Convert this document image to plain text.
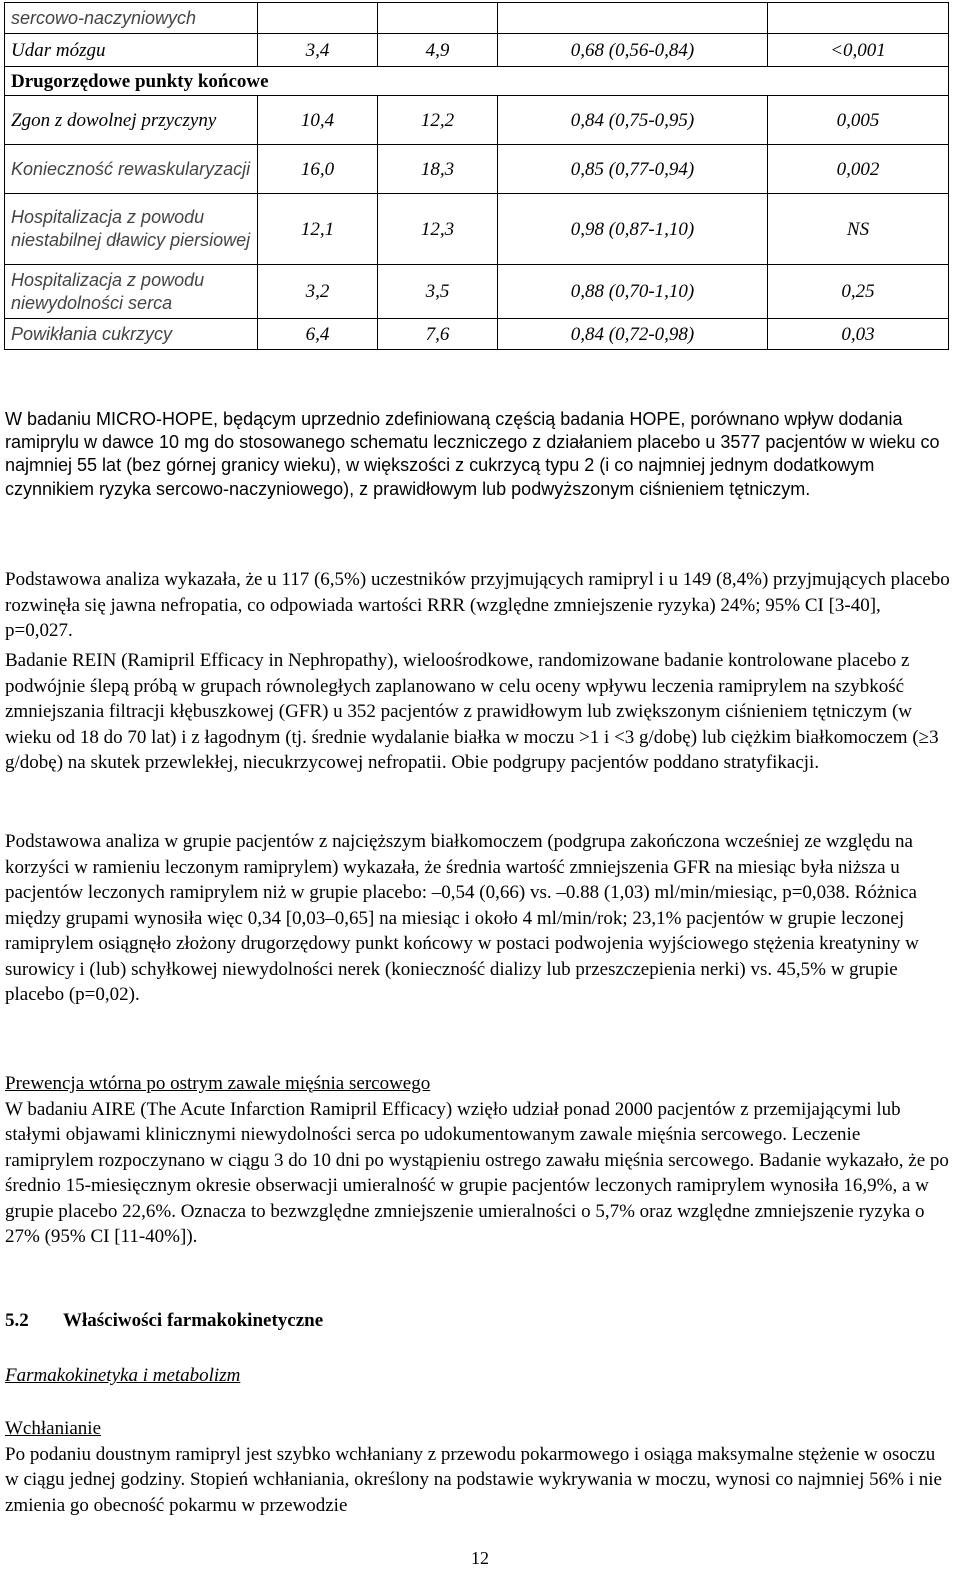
sercowo-naczyniowych				
Udar mózgu	3,4	4,9	0,68 (0,56-0,84)	<0,001
Drugorzędowe punkty końcowe				
Zgon z dowolnej przyczyny	10,4	12,2	0,84 (0,75-0,95)	0,005
Konieczność rewaskularyzacji	16,0	18,3	0,85 (0,77-0,94)	0,002
Hospitalizacja z powodu niestabilnej dławicy piersiowej	12,1	12,3	0,98 (0,87-1,10)	NS
Hospitalizacja z powodu niewydolności serca	3,2	3,5	0,88 (0,70-1,10)	0,25
Powikłania cukrzycy	6,4	7,6	0,84 (0,72-0,98)	0,03

W badaniu MICRO-HOPE, będącym uprzednio zdefiniowaną częścią badania HOPE, porównano wpływ dodania ramiprylu w dawce 10 mg do stosowanego schematu leczniczego z działaniem placebo u 3577 pacjentów w wieku co najmniej 55 lat (bez górnej granicy wieku), w większości z cukrzycą typu 2 (i co najmniej jednym dodatkowym czynnikiem ryzyka sercowo-naczyniowego), z prawidłowym lub podwyższonym ciśnieniem tętniczym.

Podstawowa analiza wykazała, że u 117 (6,5%) uczestników przyjmujących ramipryl i u 149 (8,4%) przyjmujących placebo rozwinęła się jawna nefropatia, co odpowiada wartości RRR (względne zmniejszenie ryzyka) 24%; 95% CI [3-40], p=0,027.

Badanie REIN (Ramipril Efficacy in Nephropathy), wieloośrodkowe, randomizowane badanie kontrolowane placebo z podwójnie ślepą próbą w grupach równoległych zaplanowano w celu oceny wpływu leczenia ramiprylem na szybkość zmniejszania filtracji kłębuszkowej (GFR) u 352 pacjentów z prawidłowym lub zwiększonym ciśnieniem tętniczym (w wieku od 18 do 70 lat) i z łagodnym (tj. średnie wydalanie białka w moczu >1 i <3 g/dobę) lub ciężkim białkomoczem (≥3 g/dobę) na skutek przewlekłej, niecukrzycowej nefropatii. Obie podgrupy pacjentów poddano stratyfikacji.

Podstawowa analiza w grupie pacjentów z najcięższym białkomoczem (podgrupa zakończona wcześniej ze względu na korzyści w ramieniu leczonym ramiprylem) wykazała, że średnia wartość zmniejszenia GFR na miesiąc była niższa u pacjentów leczonych ramiprylem niż w grupie placebo: –0,54 (0,66) vs. –0.88 (1,03) ml/min/miesiąc, p=0,038. Różnica między grupami wynosiła więc 0,34 [0,03–0,65] na miesiąc i około 4 ml/min/rok; 23,1% pacjentów w grupie leczonej ramiprylem osiągnęło złożony drugorzędowy punkt końcowy w postaci podwojenia wyjściowego stężenia kreatyniny w surowicy i (lub) schyłkowej niewydolności nerek (konieczność dializy lub przeszczepienia nerki) vs. 45,5% w grupie placebo (p=0,02).

Prewencja wtórna po ostrym zawale mięśnia sercowego

W badaniu AIRE (The Acute Infarction Ramipril Efficacy) wzięło udział ponad 2000 pacjentów z przemijającymi lub stałymi objawami klinicznymi niewydolności serca po udokumentowanym zawale mięśnia sercowego. Leczenie ramiprylem rozpoczynano w ciągu 3 do 10 dni po wystąpieniu ostrego zawału mięśnia sercowego. Badanie wykazało, że po średnio 15-miesięcznym okresie obserwacji umieralność w grupie pacjentów leczonych ramiprylem wynosiła 16,9%, a w grupie placebo 22,6%. Oznacza to bezwzględne zmniejszenie umieralności o 5,7% oraz względne zmniejszenie ryzyka o 27% (95% CI [11-40%]).

5.2 Właściwości farmakokinetyczne

Farmakokinetyka i metabolizm

Wchłanianie

Po podaniu doustnym ramipryl jest szybko wchłaniany z przewodu pokarmowego i osiąga maksymalne stężenie w osoczu w ciągu jednej godziny. Stopień wchłaniania, określony na podstawie wykrywania w moczu, wynosi co najmniej 56% i nie zmienia go obecność pokarmu w przewodzie

12
